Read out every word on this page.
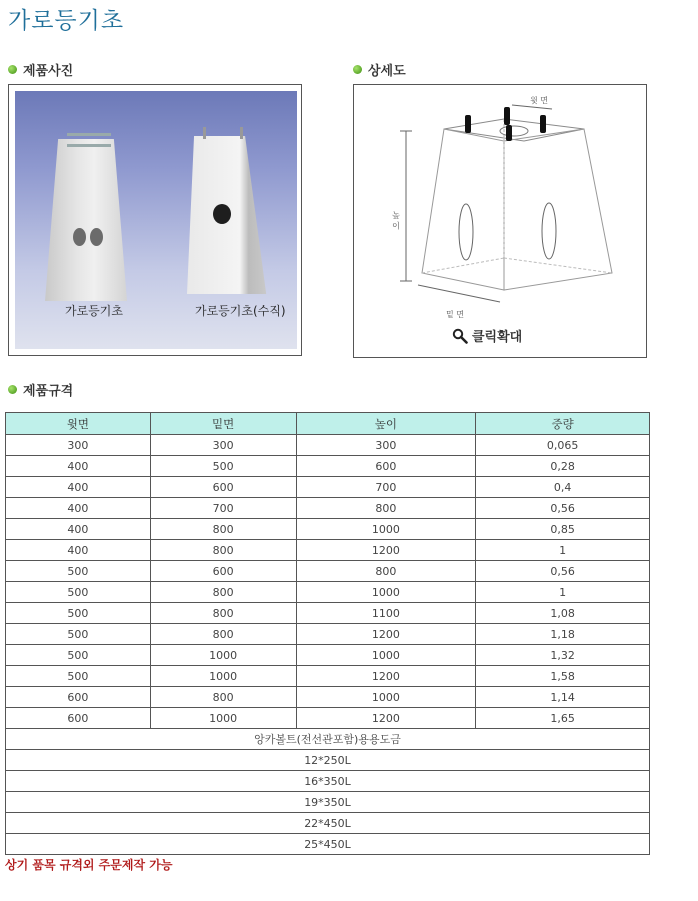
가로등기초
제품사진	상세도
가로등기초	가로등기초(수직)
윗 면
높 이
밑 면
클릭확대
제품규격
윗면	밑면	높이	중량
300	300	300	0,065
400	500	600	0,28
400	600	700	0,4
400	700	800	0,56
400	800	1000	0,85
400	800	1200	1
500	600	800	0,56
500	800	1000	1
500	800	1100	1,08
500	800	1200	1,18
500	1000	1000	1,32
500	1000	1200	1,58
600	800	1000	1,14
600	1000	1200	1,65
앙카볼트(전선관포함)용용도금			
12*250L			
16*350L			
19*350L			
22*450L			
25*450L			
상기 품목 규격외 주문제작 가능
